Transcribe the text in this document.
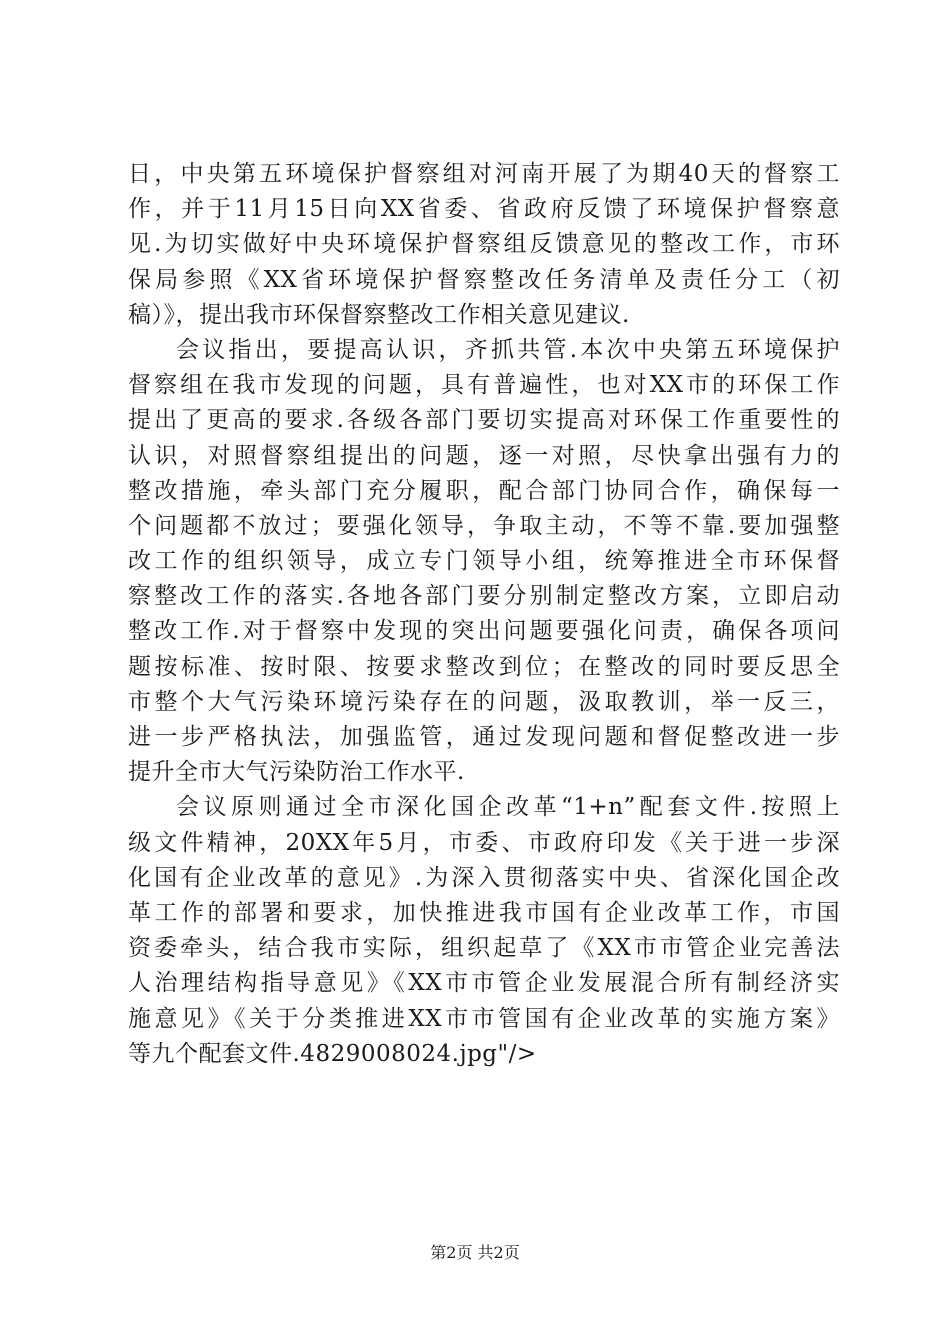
日，中央第五环境保护督察组对河南开展了为期40天的督察工
作，并于11月15日向XX省委、省政府反馈了环境保护督察意
见.为切实做好中央环境保护督察组反馈意见的整改工作，市环
保局参照《XX省环境保护督察整改任务清单及责任分工（初
稿）》，提出我市环保督察整改工作相关意见建议.
会议指出，要提高认识，齐抓共管.本次中央第五环境保护
督察组在我市发现的问题，具有普遍性，也对XX市的环保工作
提出了更高的要求.各级各部门要切实提高对环保工作重要性的
认识，对照督察组提出的问题，逐一对照，尽快拿出强有力的
整改措施，牵头部门充分履职，配合部门协同合作，确保每一
个问题都不放过；要强化领导，争取主动，不等不靠.要加强整
改工作的组织领导，成立专门领导小组，统筹推进全市环保督
察整改工作的落实.各地各部门要分别制定整改方案，立即启动
整改工作.对于督察中发现的突出问题要强化问责，确保各项问
题按标准、按时限、按要求整改到位；在整改的同时要反思全
市整个大气污染环境污染存在的问题，汲取教训，举一反三，
进一步严格执法，加强监管，通过发现问题和督促整改进一步
提升全市大气污染防治工作水平.
会议原则通过全市深化国企改革“1+n”配套文件.按照上
级文件精神，20XX年5月，市委、市政府印发《关于进一步深
化国有企业改革的意见》.为深入贯彻落实中央、省深化国企改
革工作的部署和要求，加快推进我市国有企业改革工作，市国
资委牵头，结合我市实际，组织起草了《XX市市管企业完善法
人治理结构指导意见》《XX市市管企业发展混合所有制经济实
施意见》《关于分类推进XX市市管国有企业改革的实施方案》
等九个配套文件.4829008024.jpg"/>
第2页 共2页
